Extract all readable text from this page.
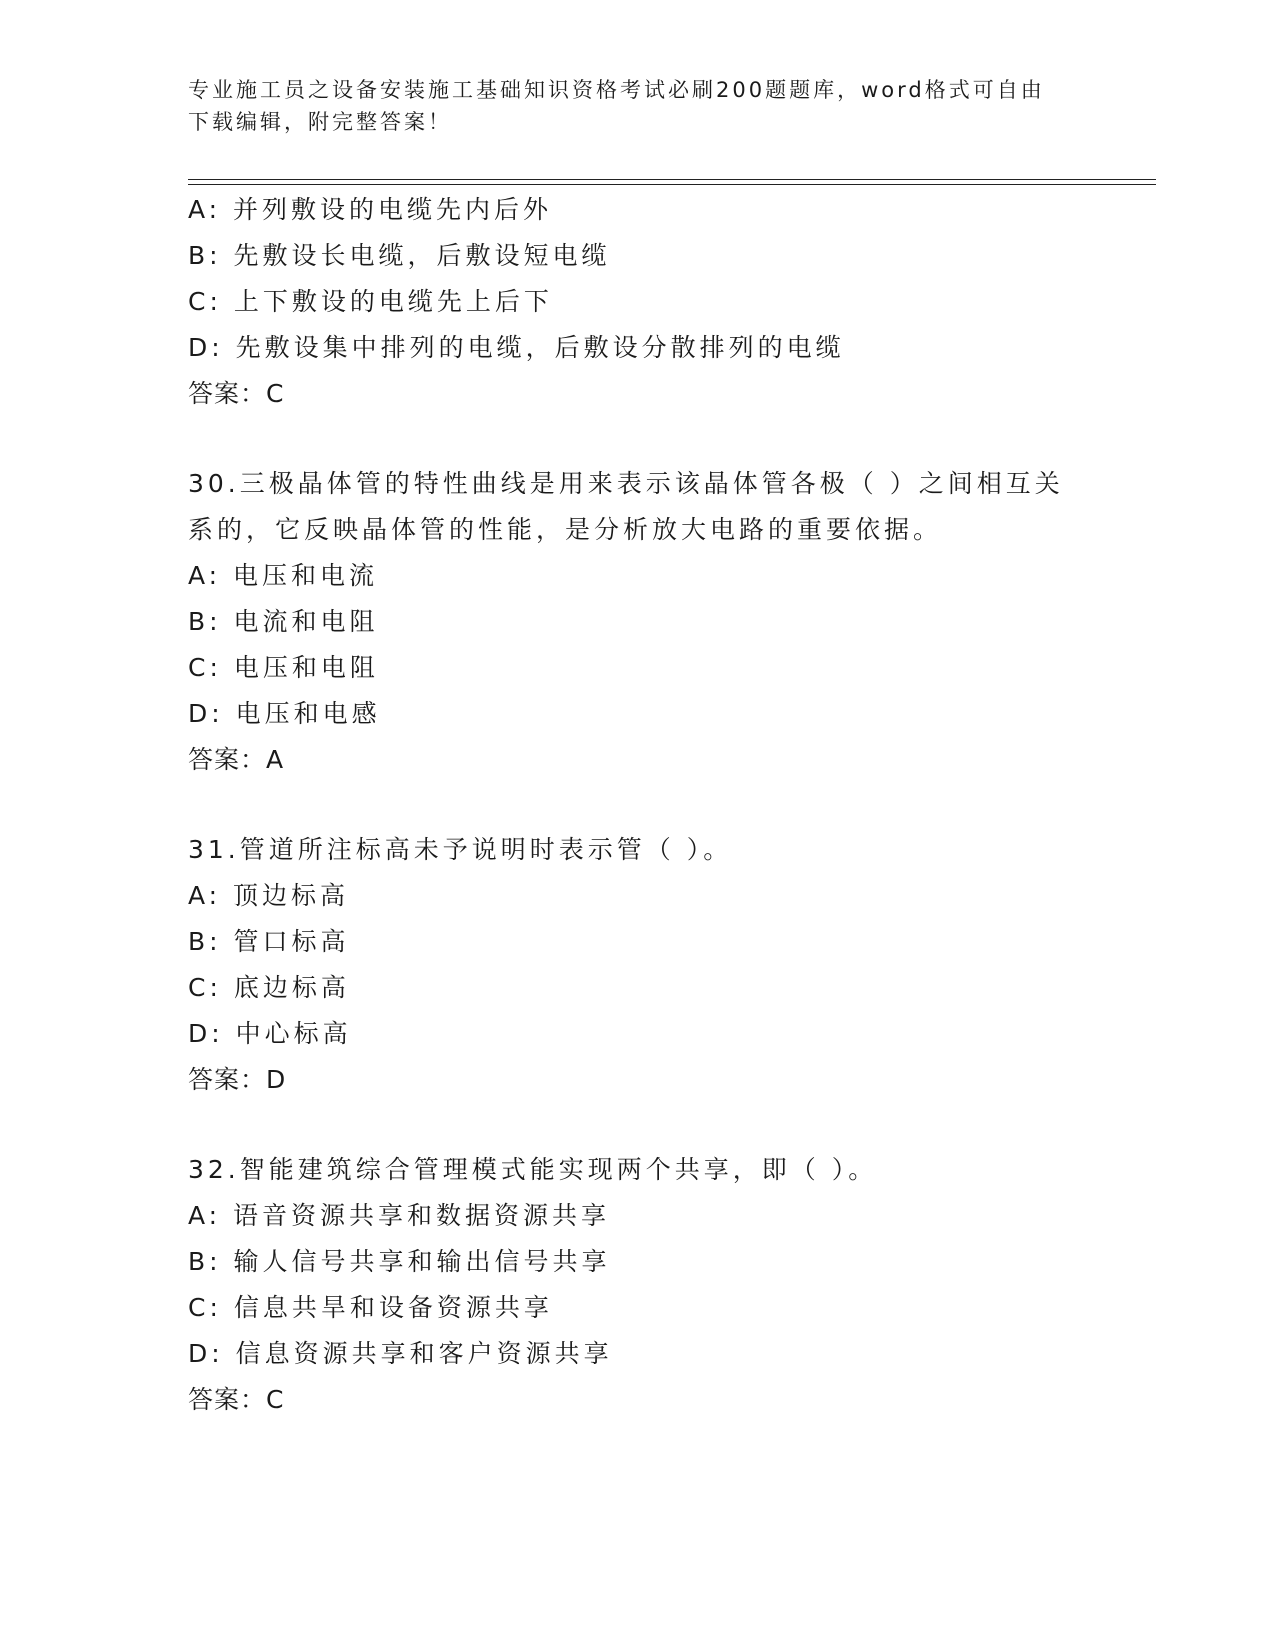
专业施工员之设备安装施工基础知识资格考试必刷200题题库，word格式可自由
下载编辑，附完整答案！
A: 并列敷设的电缆先内后外
B: 先敷设长电缆，后敷设短电缆
C: 上下敷设的电缆先上后下
D: 先敷设集中排列的电缆，后敷设分散排列的电缆
答案：C
30.三极晶体管的特性曲线是用来表示该晶体管各极（ ）之间相互关
系的，它反映晶体管的性能，是分析放大电路的重要依据。
A: 电压和电流
B: 电流和电阻
C: 电压和电阻
D: 电压和电感
答案：A
31.管道所注标高未予说明时表示管（ ）。
A: 顶边标高
B: 管口标高
C: 底边标高
D: 中心标高
答案：D
32.智能建筑综合管理模式能实现两个共享，即（ ）。
A: 语音资源共享和数据资源共享
B: 输人信号共享和输出信号共享
C: 信息共旱和设备资源共享
D: 信息资源共享和客户资源共享
答案：C
